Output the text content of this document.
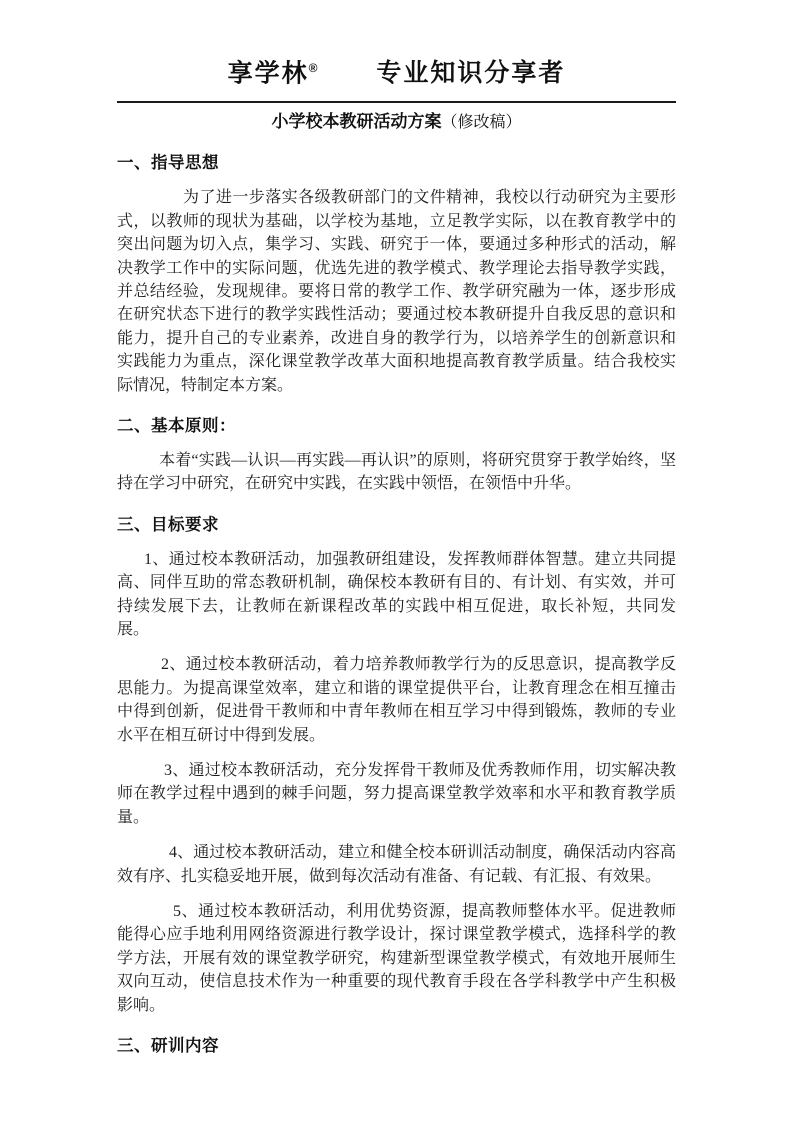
享学林® 专业知识分享者
小学校本教研活动方案（修改稿）
一、指导思想

为了进一步落实各级教研部门的文件精神，我校以行动研究为主要形式，以教师的现状为基础，以学校为基地，立足教学实际，以在教育教学中的突出问题为切入点，集学习、实践、研究于一体，要通过多种形式的活动，解决教学工作中的实际问题，优选先进的教学模式、教学理论去指导教学实践，并总结经验，发现规律。要将日常的教学工作、教学研究融为一体，逐步形成在研究状态下进行的教学实践性活动；要通过校本教研提升自我反思的意识和能力，提升自己的专业素养，改进自身的教学行为，以培养学生的创新意识和实践能力为重点，深化课堂教学改革大面积地提高教育教学质量。结合我校实际情况，特制定本方案。

二、基本原则：

本着“实践—认识—再实践—再认识”的原则，将研究贯穿于教学始终，坚持在学习中研究，在研究中实践，在实践中领悟，在领悟中升华。

三、目标要求

1、通过校本教研活动，加强教研组建设，发挥教师群体智慧。建立共同提高、同伴互助的常态教研机制，确保校本教研有目的、有计划、有实效，并可持续发展下去，让教师在新课程改革的实践中相互促进，取长补短，共同发展。

2、通过校本教研活动，着力培养教师教学行为的反思意识，提高教学反思能力。为提高课堂效率，建立和谐的课堂提供平台，让教育理念在相互撞击中得到创新，促进骨干教师和中青年教师在相互学习中得到锻炼，教师的专业水平在相互研讨中得到发展。

3、通过校本教研活动，充分发挥骨干教师及优秀教师作用，切实解决教师在教学过程中遇到的棘手问题，努力提高课堂教学效率和水平和教育教学质量。

4、通过校本教研活动，建立和健全校本研训活动制度，确保活动内容高效有序、扎实稳妥地开展，做到每次活动有准备、有记载、有汇报、有效果。

5、通过校本教研活动，利用优势资源，提高教师整体水平。促进教师能得心应手地利用网络资源进行教学设计，探讨课堂教学模式，选择科学的教学方法，开展有效的课堂教学研究，构建新型课堂教学模式，有效地开展师生双向互动，使信息技术作为一种重要的现代教育手段在各学科教学中产生积极影响。

三、研训内容
